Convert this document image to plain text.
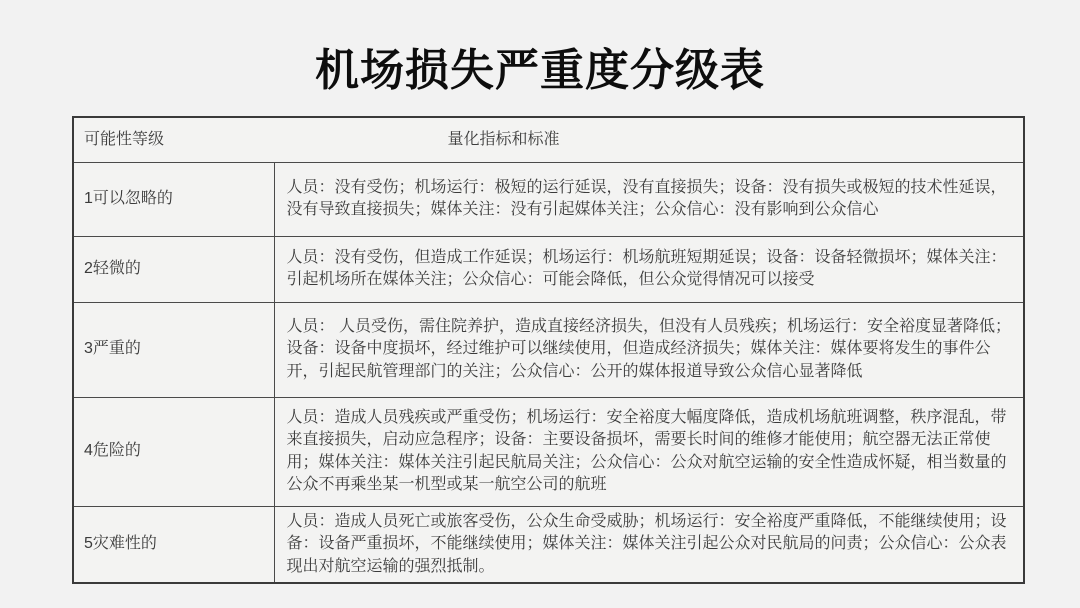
机场损失严重度分级表
可能性等级 量化指标和标准	

1可以忽略的	人员：没有受伤；机场运行：极短的运行延误，没有直接损失；设备：没有损失或极短的技术性延误，没有导致直接损失；媒体关注：没有引起媒体关注；公众信心：没有影响到公众信心
2轻微的	人员：没有受伤，但造成工作延误；机场运行：机场航班短期延误；设备：设备轻微损坏；媒体关注：引起机场所在媒体关注；公众信心：可能会降低，但公众觉得情况可以接受
3严重的	人员： 人员受伤，需住院养护，造成直接经济损失，但没有人员残疾；机场运行：安全裕度显著降低；设备：设备中度损坏，经过维护可以继续使用，但造成经济损失；媒体关注：媒体要将发生的事件公开，引起民航管理部门的关注；公众信心：公开的媒体报道导致公众信心显著降低
4危险的	人员：造成人员残疾或严重受伤；机场运行：安全裕度大幅度降低，造成机场航班调整，秩序混乱，带来直接损失，启动应急程序；设备：主要设备损坏，需要长时间的维修才能使用；航空器无法正常使用；媒体关注：媒体关注引起民航局关注；公众信心：公众对航空运输的安全性造成怀疑，相当数量的公众不再乘坐某一机型或某一航空公司的航班
5灾难性的	人员：造成人员死亡或旅客受伤，公众生命受威胁；机场运行：安全裕度严重降低，不能继续使用；设备：设备严重损坏，不能继续使用；媒体关注：媒体关注引起公众对民航局的问责；公众信心：公众表现出对航空运输的强烈抵制。
